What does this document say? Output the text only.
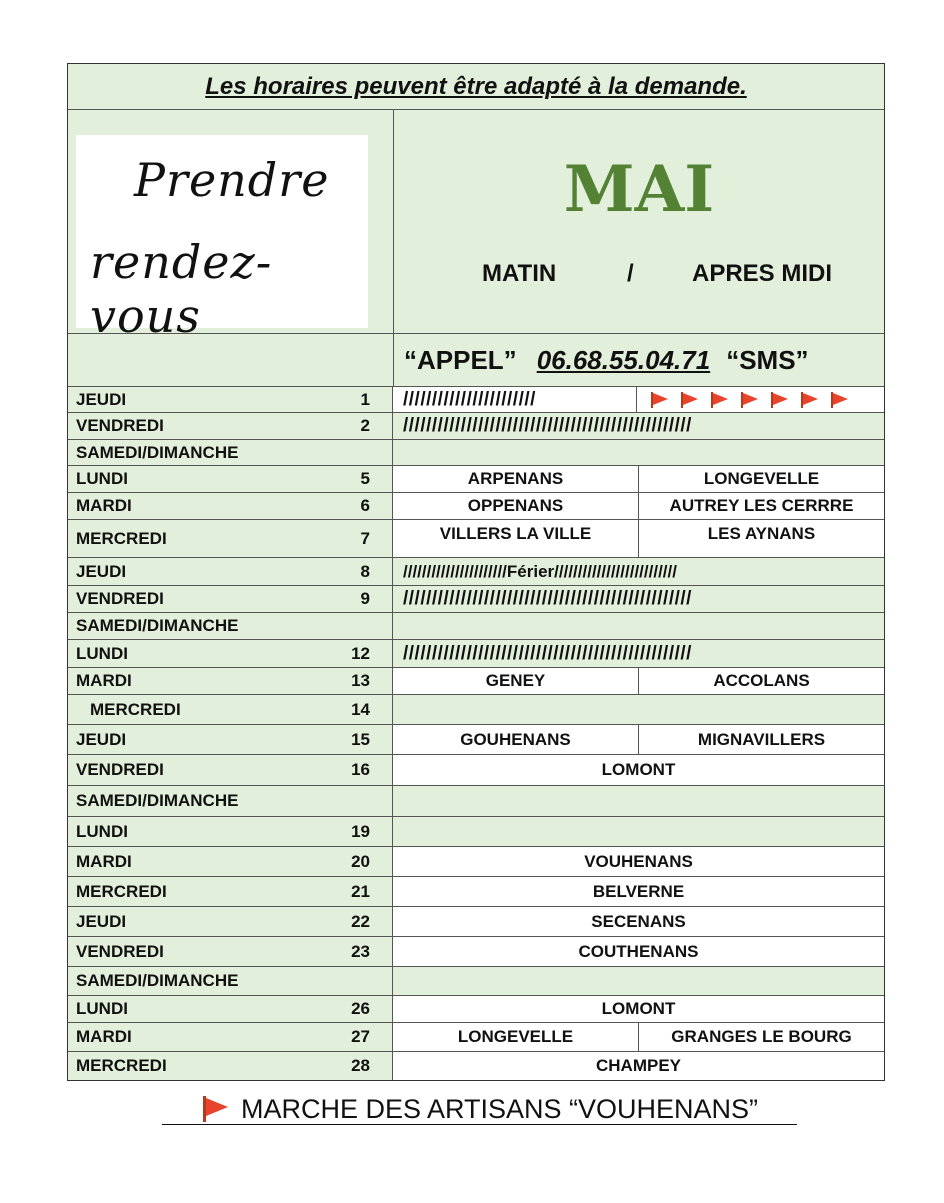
Les horaires peuvent être adapté à la demande.
Prendre
rendez-vous
MAI
MATIN	/ APRES MIDI
“APPEL” 06.68.55.04.71 “SMS”
JEUDI	1	///////////////////////
VENDREDI	2	//////////////////////////////////////////////////
SAMEDI/DIMANCHE
LUNDI	5	ARPENANS	LONGEVELLE
MARDI	6	OPPENANS	AUTREY LES CERRRE
MERCREDI	7	VILLERS LA VILLE	LES AYNANS
JEUDI	8	//////////////////////Férier//////////////////////////
VENDREDI	9	//////////////////////////////////////////////////
SAMEDI/DIMANCHE
LUNDI	12	//////////////////////////////////////////////////
MARDI	13	GENEY	ACCOLANS
MERCREDI	14
JEUDI	15	GOUHENANS	MIGNAVILLERS
VENDREDI	16	LOMONT
SAMEDI/DIMANCHE
LUNDI	19
MARDI	20	VOUHENANS
MERCREDI	21	BELVERNE
JEUDI	22	SECENANS
VENDREDI	23	COUTHENANS
SAMEDI/DIMANCHE
LUNDI	26	LOMONT
MARDI	27	LONGEVELLE	GRANGES LE BOURG
MERCREDI	28	CHAMPEY
MARCHE DES ARTISANS “VOUHENANS”
